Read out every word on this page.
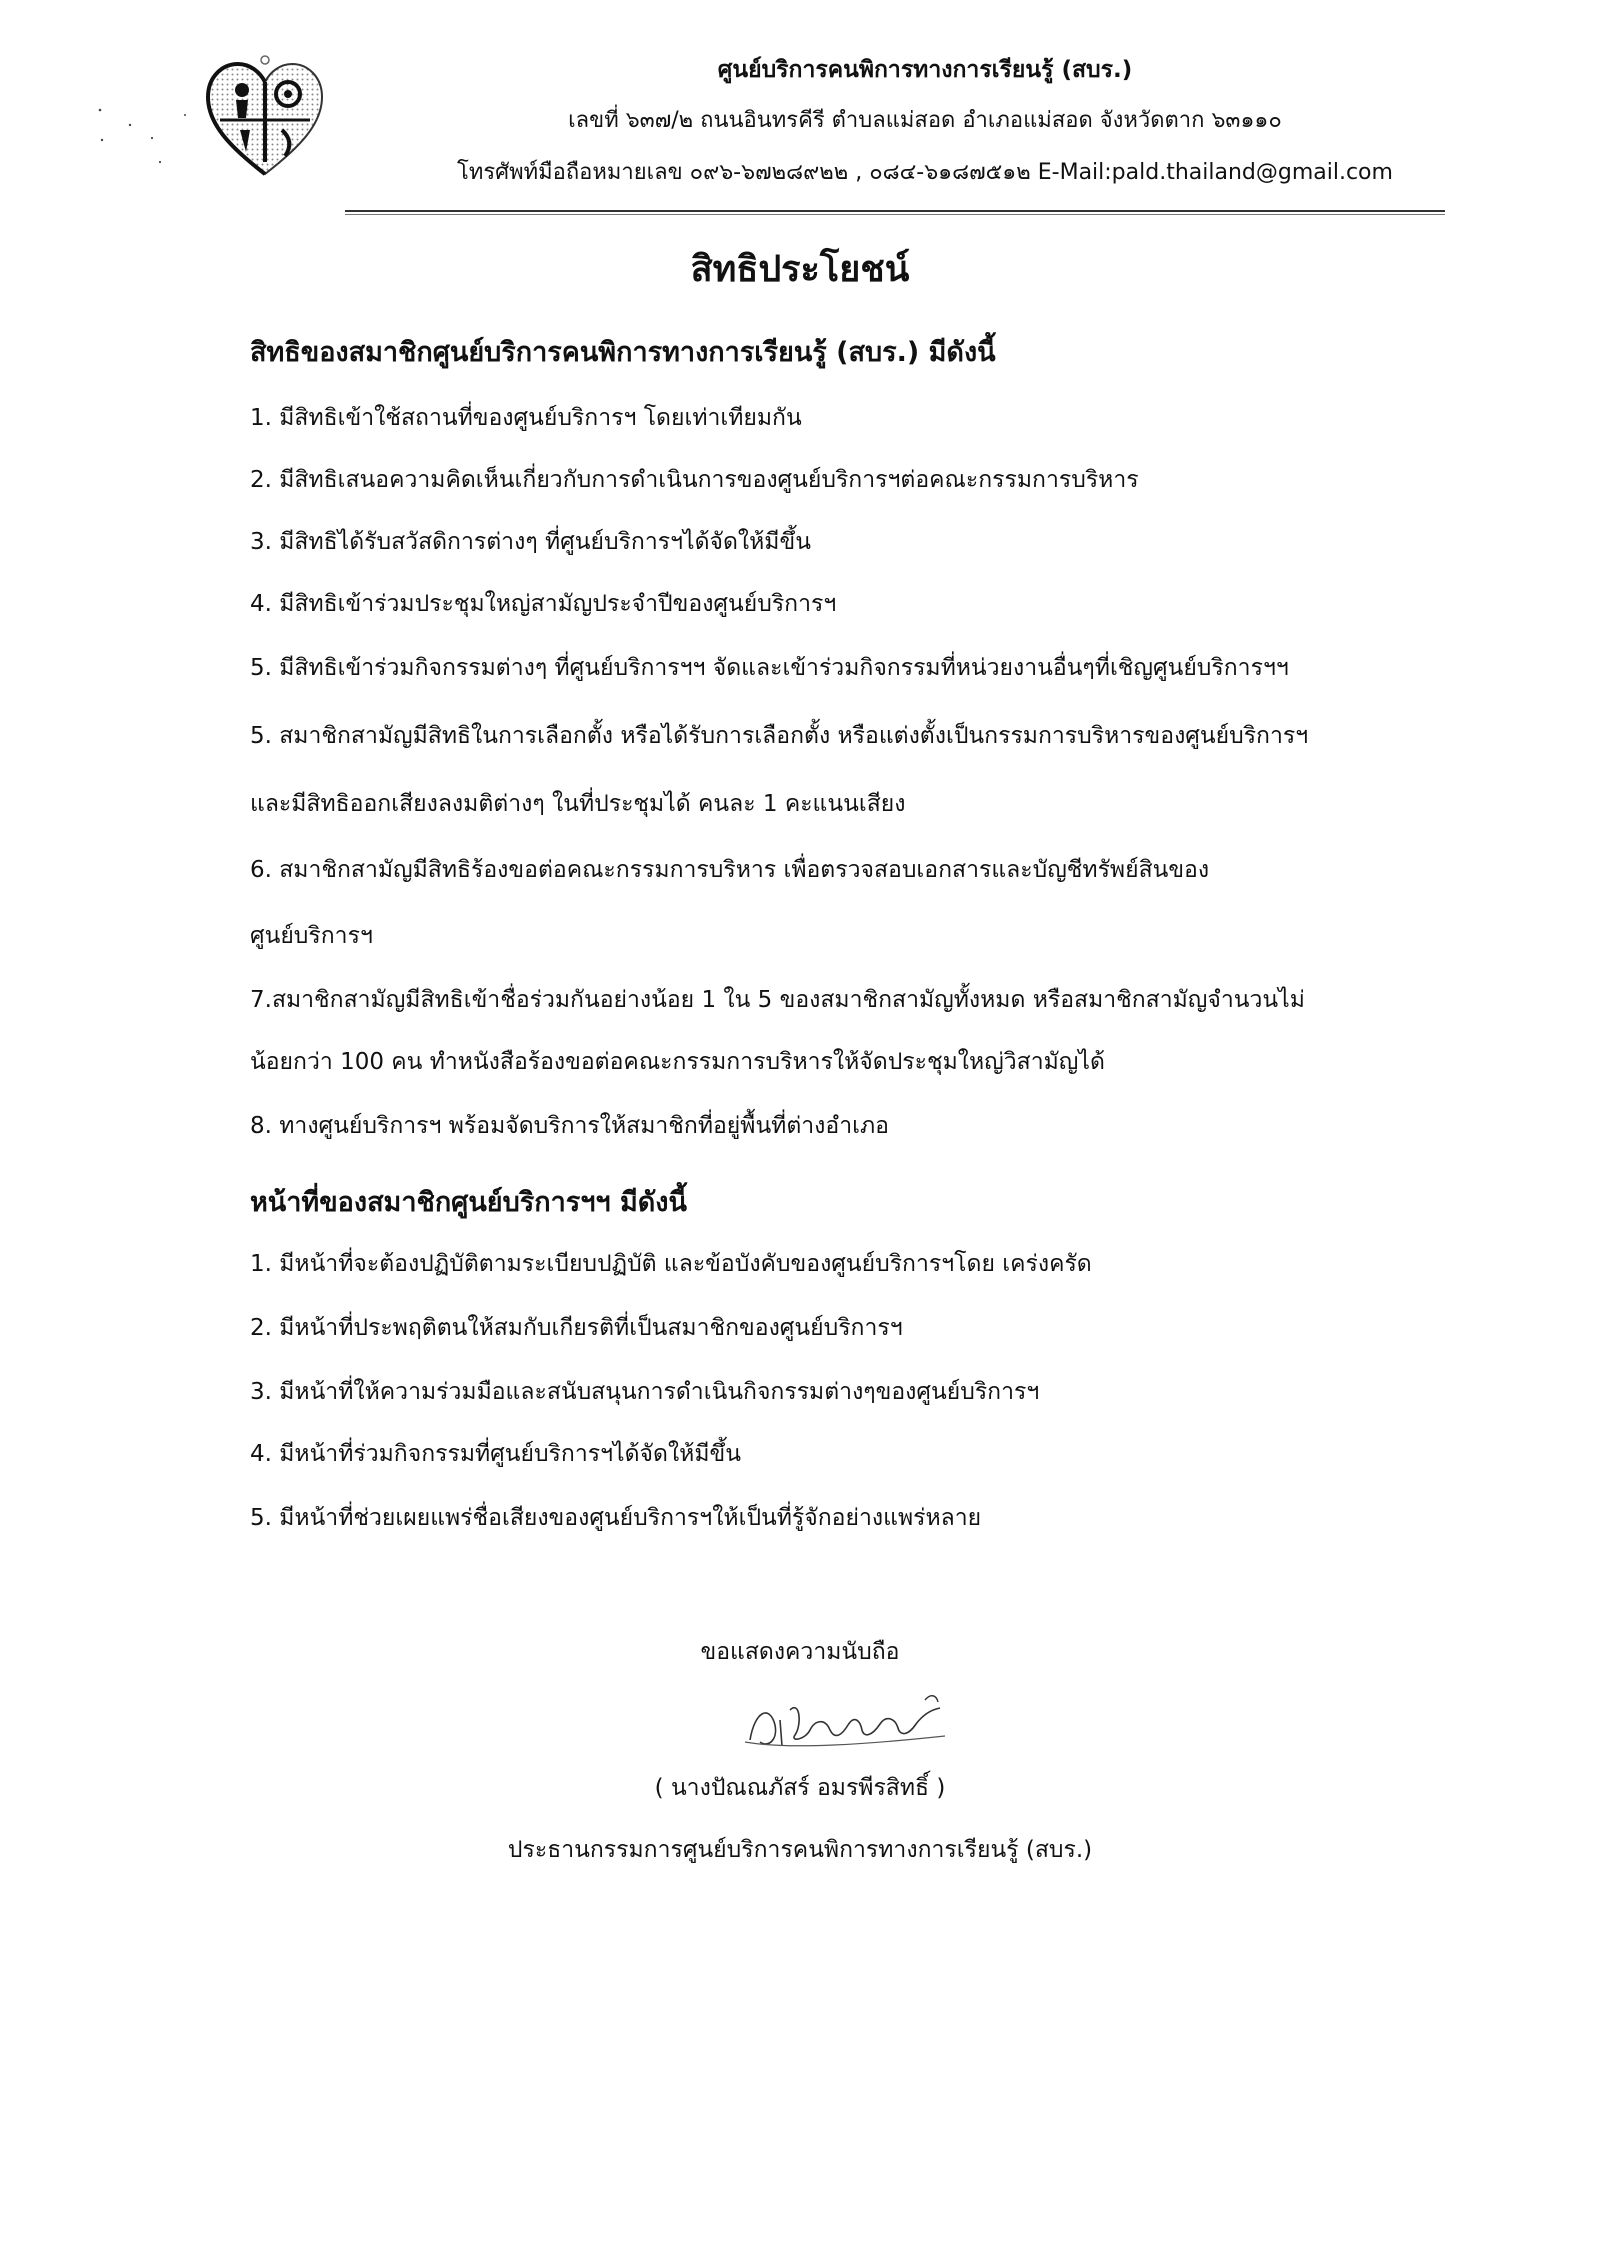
ศูนย์บริการคนพิการทางการเรียนรู้ (สบร.)
เลขที่ ๖๓๗/๒ ถนนอินทรคีรี ตำบลแม่สอด อำเภอแม่สอด จังหวัดตาก ๖๓๑๑๐
โทรศัพท์มือถือหมายเลข ๐๙๖-๖๗๒๘๙๒๒ , ๐๘๔-๖๑๘๗๕๑๒ E-Mail:pald.thailand@gmail.com
สิทธิประโยชน์
สิทธิของสมาชิกศูนย์บริการคนพิการทางการเรียนรู้ (สบร.) มีดังนี้
1. มีสิทธิเข้าใช้สถานที่ของศูนย์บริการฯ โดยเท่าเทียมกัน
2. มีสิทธิเสนอความคิดเห็นเกี่ยวกับการดำเนินการของศูนย์บริการฯต่อคณะกรรมการบริหาร
3. มีสิทธิได้รับสวัสดิการต่างๆ ที่ศูนย์บริการฯได้จัดให้มีขึ้น
4. มีสิทธิเข้าร่วมประชุมใหญ่สามัญประจำปีของศูนย์บริการฯ
5. มีสิทธิเข้าร่วมกิจกรรมต่างๆ ที่ศูนย์บริการฯฯ จัดและเข้าร่วมกิจกรรมที่หน่วยงานอื่นๆที่เชิญศูนย์บริการฯฯ
5. สมาชิกสามัญมีสิทธิในการเลือกตั้ง หรือได้รับการเลือกตั้ง หรือแต่งตั้งเป็นกรรมการบริหารของศูนย์บริการฯ
และมีสิทธิออกเสียงลงมติต่างๆ ในที่ประชุมได้ คนละ 1 คะแนนเสียง
6. สมาชิกสามัญมีสิทธิร้องขอต่อคณะกรรมการบริหาร เพื่อตรวจสอบเอกสารและบัญชีทรัพย์สินของ
ศูนย์บริการฯ
7.สมาชิกสามัญมีสิทธิเข้าชื่อร่วมกันอย่างน้อย 1 ใน 5 ของสมาชิกสามัญทั้งหมด หรือสมาชิกสามัญจำนวนไม่
น้อยกว่า 100 คน ทำหนังสือร้องขอต่อคณะกรรมการบริหารให้จัดประชุมใหญ่วิสามัญได้
8. ทางศูนย์บริการฯ พร้อมจัดบริการให้สมาชิกที่อยู่พื้นที่ต่างอำเภอ
หน้าที่ของสมาชิกศูนย์บริการฯฯ มีดังนี้
1. มีหน้าที่จะต้องปฏิบัติตามระเบียบปฏิบัติ และข้อบังคับของศูนย์บริการฯโดย เคร่งครัด
2. มีหน้าที่ประพฤติตนให้สมกับเกียรติที่เป็นสมาชิกของศูนย์บริการฯ
3. มีหน้าที่ให้ความร่วมมือและสนับสนุนการดำเนินกิจกรรมต่างๆของศูนย์บริการฯ
4. มีหน้าที่ร่วมกิจกรรมที่ศูนย์บริการฯได้จัดให้มีขึ้น
5. มีหน้าที่ช่วยเผยแพร่ชื่อเสียงของศูนย์บริการฯให้เป็นที่รู้จักอย่างแพร่หลาย
ขอแสดงความนับถือ
( นางปัณณภัสร์ อมรพีรสิทธิ์ )
ประธานกรรมการศูนย์บริการคนพิการทางการเรียนรู้ (สบร.)
